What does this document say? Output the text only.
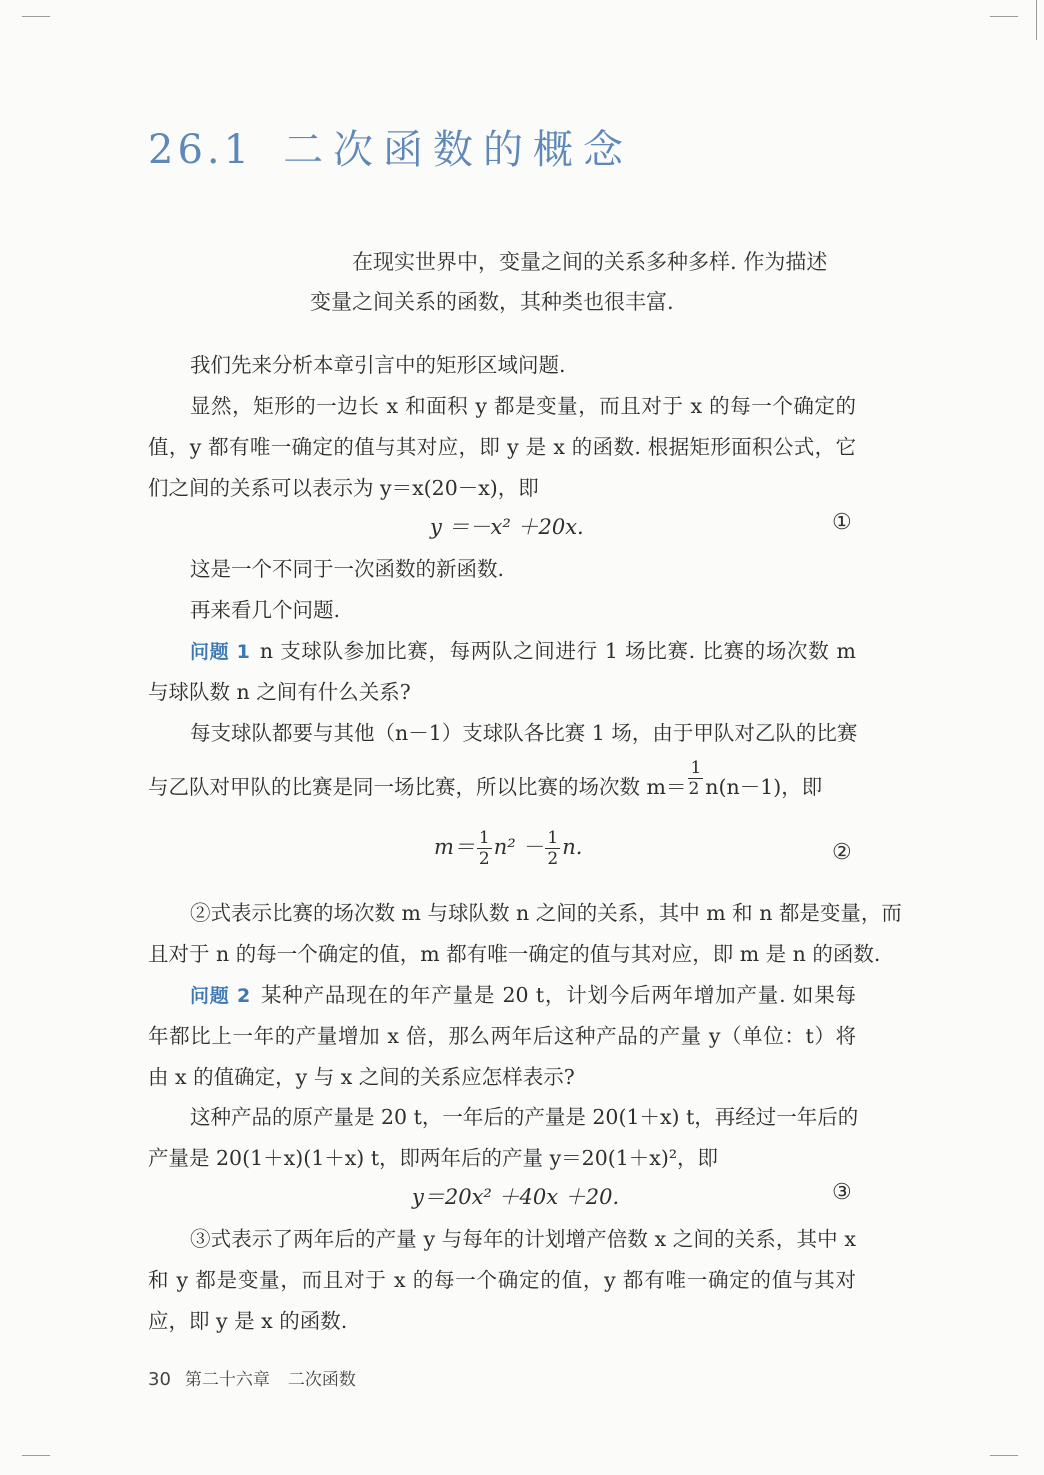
26.1 二次函数的概念

在现实世界中，变量之间的关系多种多样. 作为描述

变量之间关系的函数，其种类也很丰富.

我们先来分析本章引言中的矩形区域问题.
显然，矩形的一边长 x 和面积 y 都是变量，而且对于 x 的每一个确定的
值，y 都有唯一确定的值与其对应，即 y 是 x 的函数. 根据矩形面积公式，它
们之间的关系可以表示为 y＝x(20－x)，即
y ＝－x² ＋20x.	①
这是一个不同于一次函数的新函数.
再来看几个问题.
问题 1 n 支球队参加比赛，每两队之间进行 1 场比赛. 比赛的场次数 m
与球队数 n 之间有什么关系?
每支球队都要与其他（n－1）支球队各比赛 1 场，由于甲队对乙队的比赛
与乙队对甲队的比赛是同一场比赛，所以比赛的场次数 $m= \frac{1}{2} n(n-1)$，即
$m= \frac{1}{2} n^2 - \frac{1}{2} n$.	②
②式表示比赛的场次数 m 与球队数 n 之间的关系，其中 m 和 n 都是变量，而
且对于 n 的每一个确定的值，m 都有唯一确定的值与其对应，即 m 是 n 的函数.
问题 2 某种产品现在的年产量是 20 t，计划今后两年增加产量. 如果每
年都比上一年的产量增加 x 倍，那么两年后这种产品的产量 y（单位：t）将
由 x 的值确定，y 与 x 之间的关系应怎样表示?
这种产品的原产量是 20 t，一年后的产量是 20(1＋x) t，再经过一年后的
产量是 20(1＋x)(1＋x) t，即两年后的产量 y＝20(1＋x)²，即
y＝20x² ＋40x ＋20.	③
③式表示了两年后的产量 y 与每年的计划增产倍数 x 之间的关系，其中 x
和 y 都是变量，而且对于 x 的每一个确定的值，y 都有唯一确定的值与其对
应，即 y 是 x 的函数.
30 第二十六章 二次函数
